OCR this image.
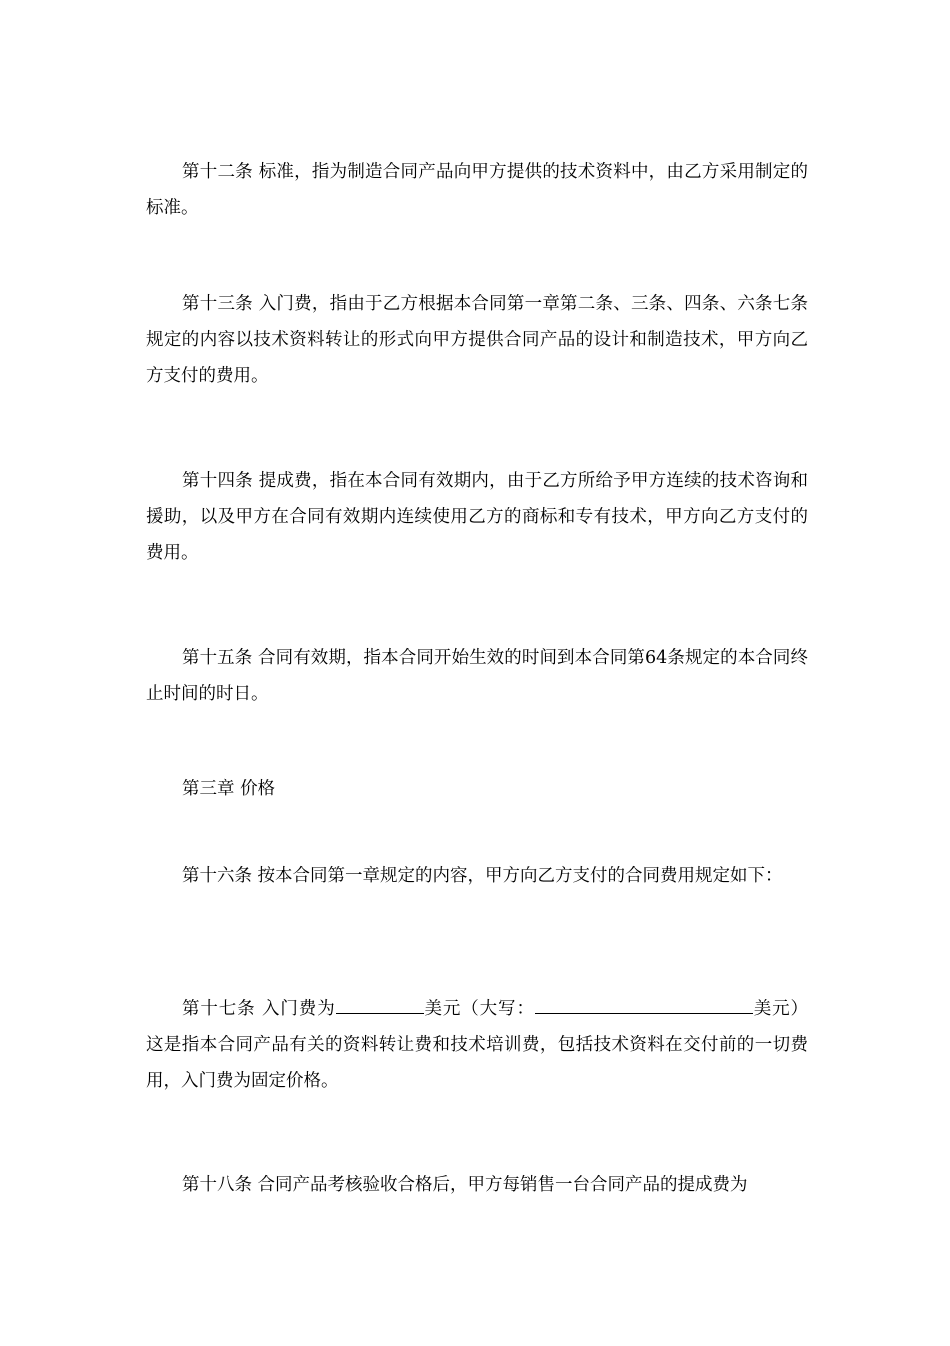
第十二条 标准，指为制造合同产品向甲方提供的技术资料中，由乙方采用制定的标准。

第十三条 入门费，指由于乙方根据本合同第一章第二条、三条、四条、六条七条规定的内容以技术资料转让的形式向甲方提供合同产品的设计和制造技术，甲方向乙方支付的费用。

第十四条 提成费，指在本合同有效期内，由于乙方所给予甲方连续的技术咨询和援助，以及甲方在合同有效期内连续使用乙方的商标和专有技术，甲方向乙方支付的费用。

第十五条 合同有效期，指本合同开始生效的时间到本合同第64条规定的本合同终止时间的时日。

第三章 价格

第十六条 按本合同第一章规定的内容，甲方向乙方支付的合同费用规定如下：

第十七条 入门费为	美元（大写：	美元）这是指本合同产品有关的资料转让费和技术培训费，包括技术资料在交付前的一切费用，入门费为固定价格。

第十八条 合同产品考核验收合格后，甲方每销售一台合同产品的提成费为
